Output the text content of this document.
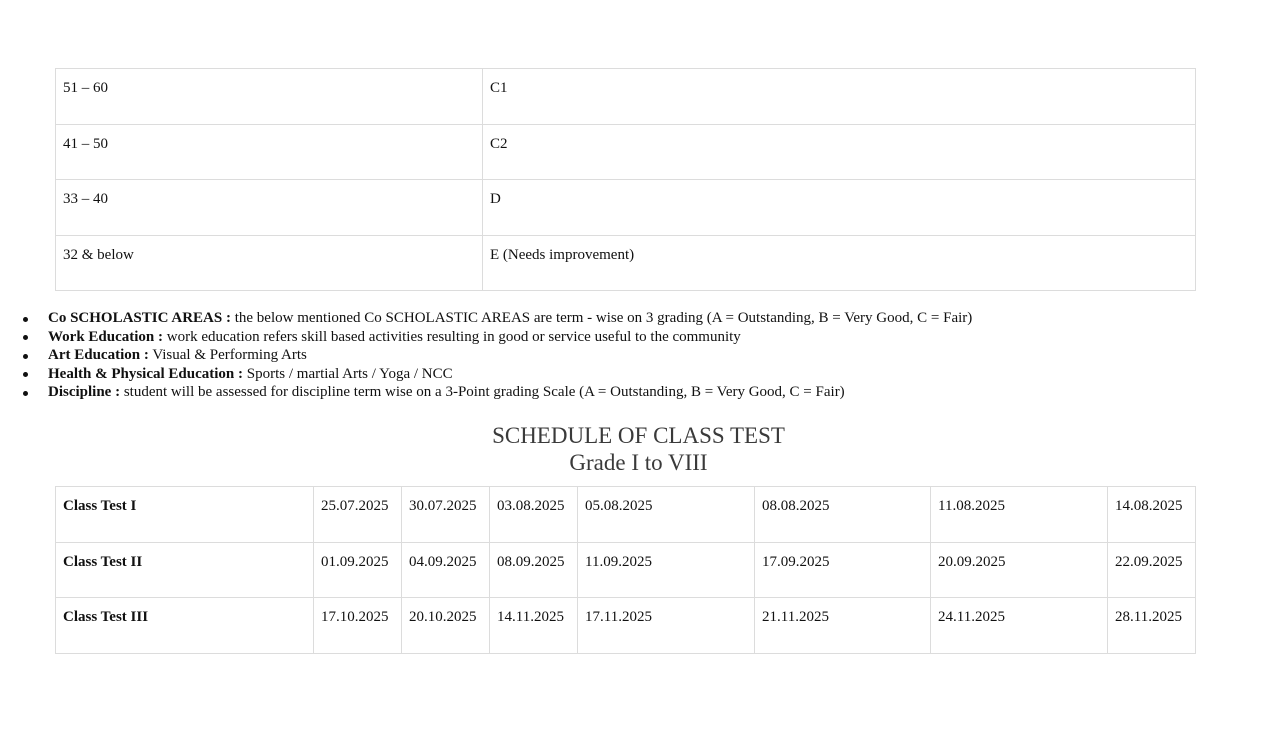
51 – 60	C1
41 – 50	C2
33 – 40	D
32 & below	E (Needs improvement)
Co SCHOLASTIC AREAS : the below mentioned Co SCHOLASTIC AREAS are term - wise on 3 grading (A = Outstanding, B = Very Good, C = Fair)
Work Education : work education refers skill based activities resulting in good or service useful to the community
Art Education : Visual & Performing Arts
Health & Physical Education : Sports / martial Arts / Yoga / NCC
Discipline : student will be assessed for discipline term wise on a 3-Point grading Scale (A = Outstanding, B = Very Good, C = Fair)
SCHEDULE OF CLASS TEST
Grade I to VIII
Class Test I	25.07.2025	30.07.2025	03.08.2025	05.08.2025	08.08.2025	11.08.2025	14.08.2025
Class Test II	01.09.2025	04.09.2025	08.09.2025	11.09.2025	17.09.2025	20.09.2025	22.09.2025
Class Test III	17.10.2025	20.10.2025	14.11.2025	17.11.2025	21.11.2025	24.11.2025	28.11.2025
